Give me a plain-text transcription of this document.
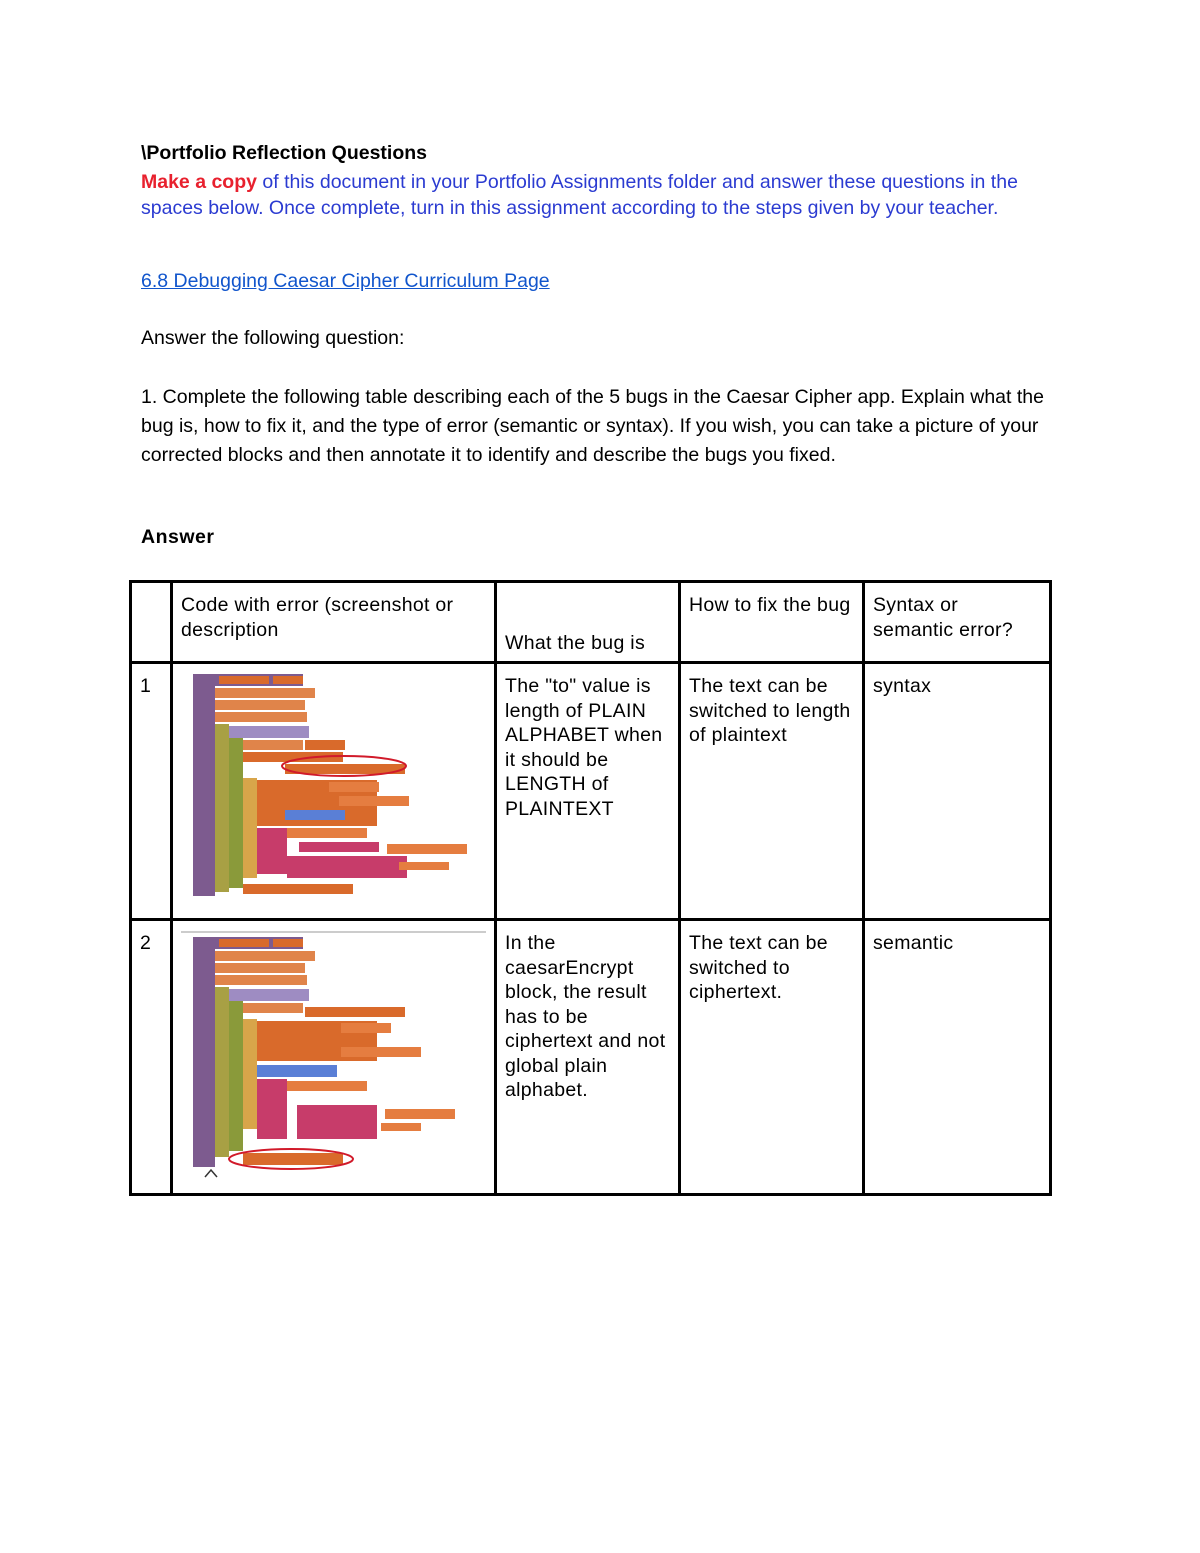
\Portfolio Reflection Questions
Make a copy of this document in your Portfolio Assignments folder and answer these questions in the spaces below. Once complete, turn in this assignment according to the steps given by your teacher.
6.8 Debugging Caesar Cipher Curriculum Page
Answer the following question:
1. Complete the following table describing each of the 5 bugs in the Caesar Cipher app. Explain what the bug is, how to fix it, and the type of error (semantic or syntax). If you wish, you can take a picture of your corrected blocks and then annotate it to identify and describe the bugs you fixed.
Answer
	Code with error (screenshot or description	What the bug is	How to fix the bug	Syntax or semantic error?
1		The "to" value is length of PLAIN ALPHABET when it should be LENGTH of PLAINTEXT	The text can be switched to length of plaintext	syntax
2		In the caesarEncrypt block, the result has to be ciphertext and not global plain alphabet.	The text can be switched to ciphertext.	semantic
